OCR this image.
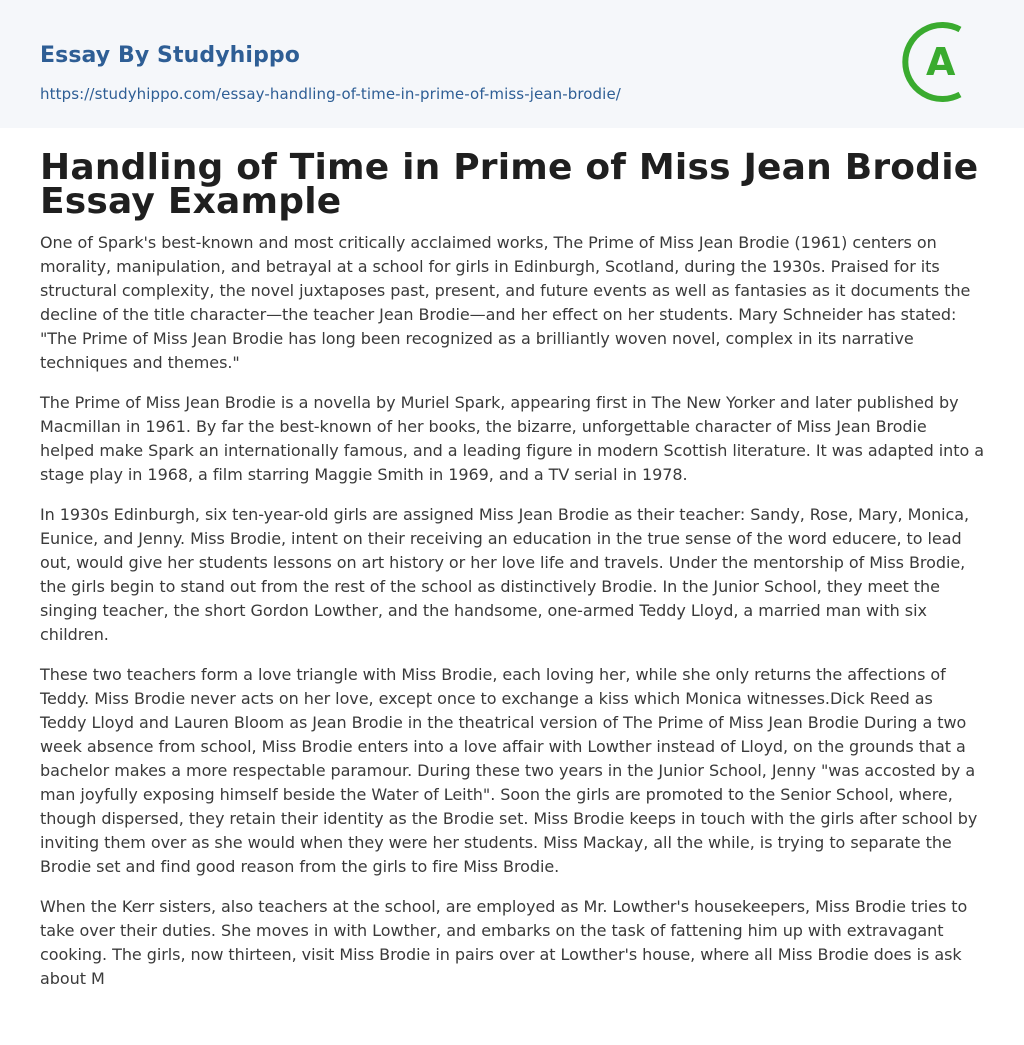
Essay By Studyhippo
https://studyhippo.com/essay-handling-of-time-in-prime-of-miss-jean-brodie/
A
Handling of Time in Prime of Miss Jean Brodie Essay Example

One of Spark's best-known and most critically acclaimed works, The Prime of Miss Jean Brodie (1961) centers on morality, manipulation, and betrayal at a school for girls in Edinburgh, Scotland, during the 1930s. Praised for its structural complexity, the novel juxtaposes past, present, and future events as well as fantasies as it documents the decline of the title character—the teacher Jean Brodie—and her effect on her students. Mary Schneider has stated: "The Prime of Miss Jean Brodie has long been recognized as a brilliantly woven novel, complex in its narrative techniques and themes."

The Prime of Miss Jean Brodie is a novella by Muriel Spark, appearing first in The New Yorker and later published by Macmillan in 1961. By far the best-known of her books, the bizarre, unforgettable character of Miss Jean Brodie helped make Spark an internationally famous, and a leading figure in modern Scottish literature. It was adapted into a stage play in 1968, a film starring Maggie Smith in 1969, and a TV serial in 1978.

In 1930s Edinburgh, six ten-year-old girls are assigned Miss Jean Brodie as their teacher: Sandy, Rose, Mary, Monica, Eunice, and Jenny. Miss Brodie, intent on their receiving an education in the true sense of the word educere, to lead out, would give her students lessons on art history or her love life and travels. Under the mentorship of Miss Brodie, the girls begin to stand out from the rest of the school as distinctively Brodie. In the Junior School, they meet the singing teacher, the short Gordon Lowther, and the handsome, one-armed Teddy Lloyd, a married man with six children.

These two teachers form a love triangle with Miss Brodie, each loving her, while she only returns the affections of Teddy. Miss Brodie never acts on her love, except once to exchange a kiss which Monica witnesses.Dick Reed as Teddy Lloyd and Lauren Bloom as Jean Brodie in the theatrical version of The Prime of Miss Jean Brodie During a two week absence from school, Miss Brodie enters into a love affair with Lowther instead of Lloyd, on the grounds that a bachelor makes a more respectable paramour. During these two years in the Junior School, Jenny "was accosted by a man joyfully exposing himself beside the Water of Leith". Soon the girls are promoted to the Senior School, where, though dispersed, they retain their identity as the Brodie set. Miss Brodie keeps in touch with the girls after school by inviting them over as she would when they were her students. Miss Mackay, all the while, is trying to separate the Brodie set and find good reason from the girls to fire Miss Brodie.

When the Kerr sisters, also teachers at the school, are employed as Mr. Lowther's housekeepers, Miss Brodie tries to take over their duties. She moves in with Lowther, and embarks on the task of fattening him up with extravagant cooking. The girls, now thirteen, visit Miss Brodie in pairs over at Lowther's house, where all Miss Brodie does is ask about M
